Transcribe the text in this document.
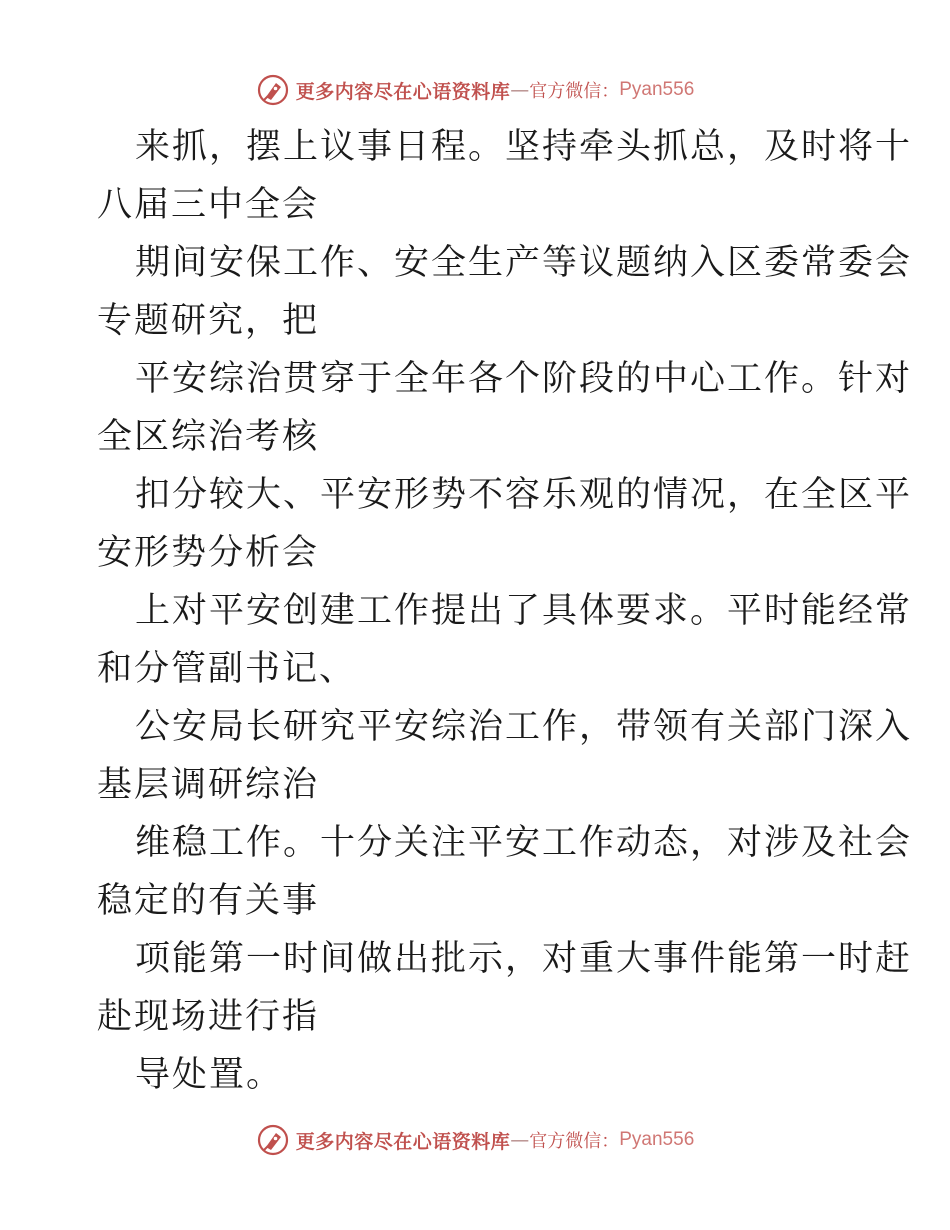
更多内容尽在心语资料库 — 官方微信： Pyan556
来抓，摆上议事日程。坚持牵头抓总，及时将十
八届三中全会
期间安保工作、安全生产等议题纳入区委常委会
专题研究，把
平安综治贯穿于全年各个阶段的中心工作。针对
全区综治考核
扣分较大、平安形势不容乐观的情况，在全区平
安形势分析会
上对平安创建工作提出了具体要求。平时能经常
和分管副书记、
公安局长研究平安综治工作，带领有关部门深入
基层调研综治
维稳工作。十分关注平安工作动态，对涉及社会
稳定的有关事
项能第一时间做出批示，对重大事件能第一时赶
赴现场进行指
导处置。
更多内容尽在心语资料库 — 官方微信： Pyan556
